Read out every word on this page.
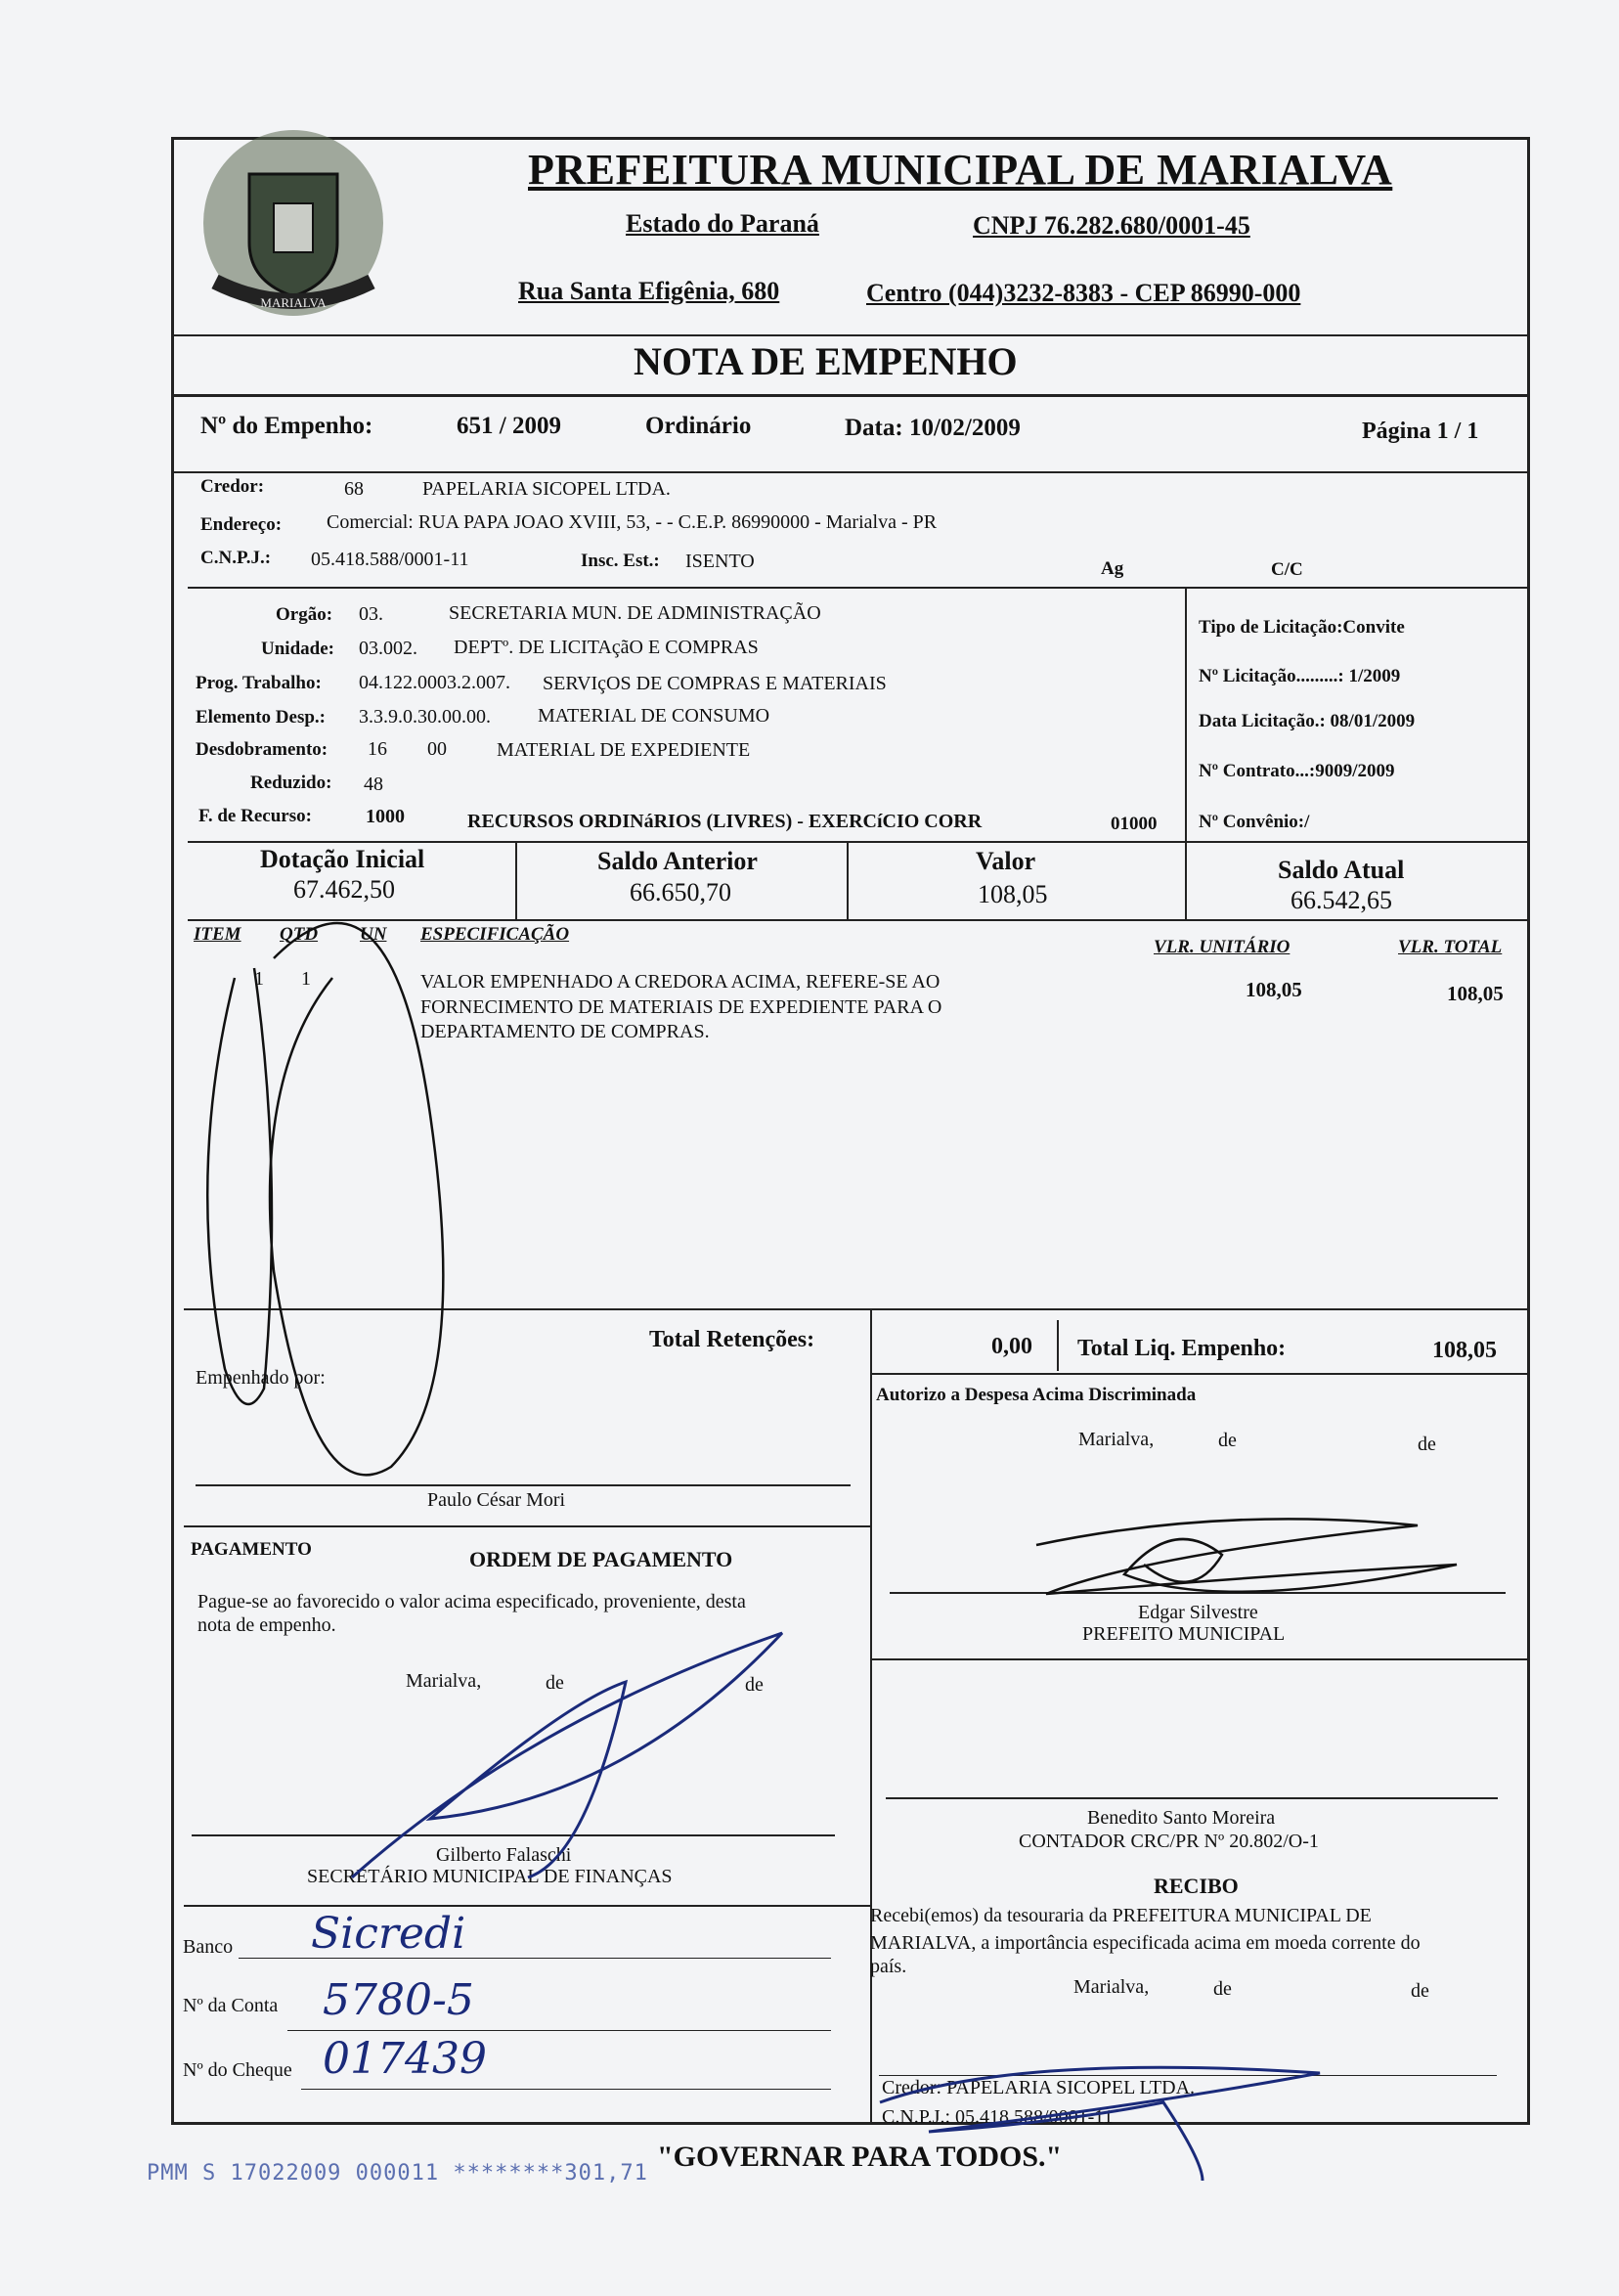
MARIALVA
PREFEITURA MUNICIPAL DE MARIALVA
Estado do Paraná	CNPJ 76.282.680/0001-45
Rua Santa Efigênia, 680	Centro (044)3232-8383 - CEP 86990-000
NOTA DE EMPENHO
Nº do Empenho:	651 / 2009	Ordinário	Data: 10/02/2009	Página 1 / 1
Credor:	68	PAPELARIA SICOPEL LTDA.
Endereço: Comercial: RUA PAPA JOAO XVIII, 53, - - C.E.P. 86990000 - Marialva - PR
C.N.P.J.: 05.418.588/0001-11	Insc. Est.: ISENTO	Ag	C/C
Orgão: 03.	SECRETARIA MUN. DE ADMINISTRAÇÃO
Unidade: 03.002. DEPTº. DE LICITAçãO E COMPRAS
Prog. Trabalho: 04.122.0003.2.007. SERVIçOS DE COMPRAS E MATERIAIS
Elemento Desp.: 3.3.9.0.30.00.00. MATERIAL DE CONSUMO
Desdobramento: 16 00	MATERIAL DE EXPEDIENTE
Reduzido: 48
F. de Recurso:	1000	RECURSOS ORDINáRIOS (LIVRES) - EXERCíCIO CORR	01000
Tipo de Licitação:Convite
Nº Licitação.........: 1/2009
Data Licitação.: 08/01/2009
Nº Contrato...:9009/2009
Nº Convênio:/
Dotação Inicial
67.462,50
Saldo Anterior
66.650,70
Valor
108,05
Saldo Atual
66.542,65
ITEM QTD UN ESPECIFICAÇÃO
VLR. UNITÁRIO	VLR. TOTAL
1 1	VALOR EMPENHADO A CREDORA ACIMA, REFERE-SE AO
FORNECIMENTO DE MATERIAIS DE EXPEDIENTE PARA O
DEPARTAMENTO DE COMPRAS.
108,05	108,05
Total Retenções:	0,00 Total Liq. Empenho:	108,05
Empenhado por:
Paulo César Mori
Autorizo a Despesa Acima Discriminada
Marialva,	de	de
Edgar Silvestre
PREFEITO MUNICIPAL
Benedito Santo Moreira
CONTADOR CRC/PR Nº 20.802/O-1
PAGAMENTO	ORDEM DE PAGAMENTO
Pague-se ao favorecido o valor acima especificado, proveniente, desta
nota de empenho.
Marialva,	de	de
Gilberto Falaschi
SECRETÁRIO MUNICIPAL DE FINANÇAS
Banco Sicredi
Nº da Conta 5780-5
Nº do Cheque 017439
RECIBO
Recebi(emos) da tesouraria da PREFEITURA MUNICIPAL DE
MARIALVA, a importância especificada acima em moeda corrente do
país.
Marialva,	de	de
Credor: PAPELARIA SICOPEL LTDA.
C.N.P.J.: 05.418.588/0001-11
"GOVERNAR PARA TODOS."
PMM S 17022009 000011 ********301,71
